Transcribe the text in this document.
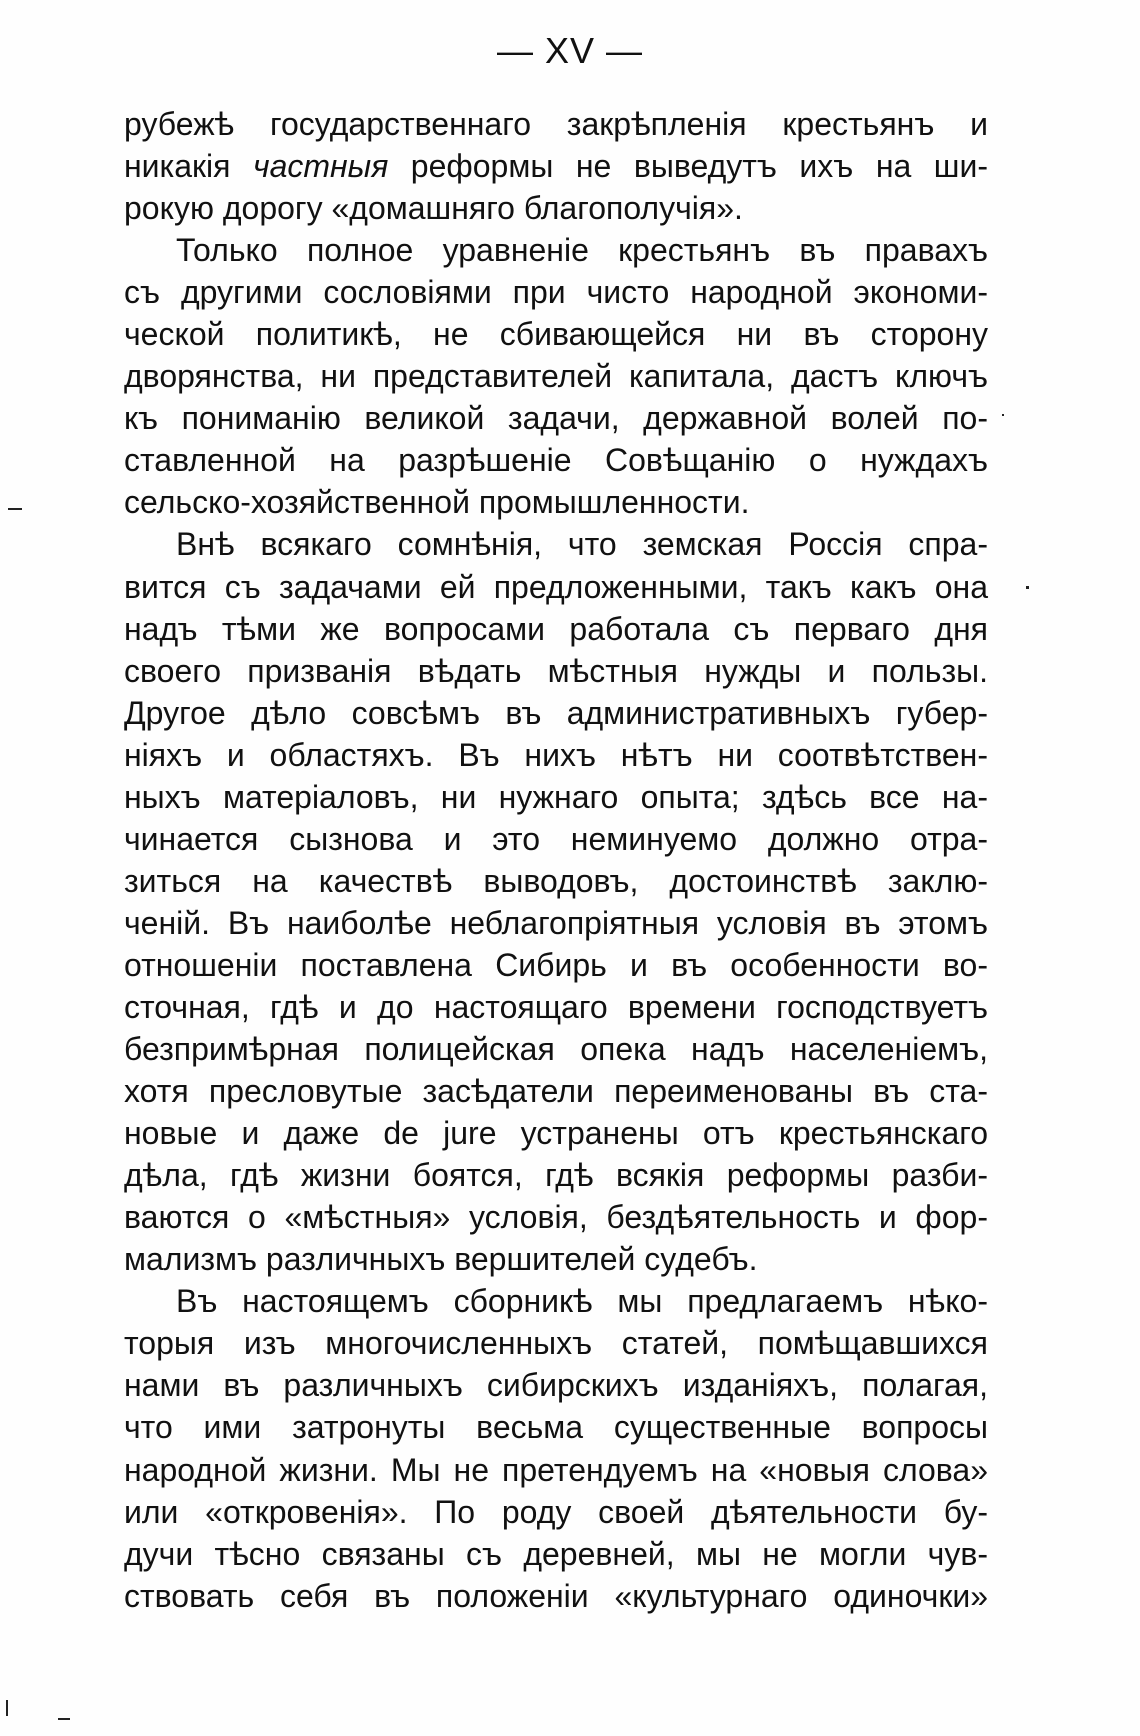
— XV —
рубежѣ государственнаго закрѣпленія крестьянъ и
никакія частныя реформы не выведутъ ихъ на ши-
рокую дорогу «домашняго благополучія».
Только полное уравненіе крестьянъ въ правахъ
съ другими сословіями при чисто народной экономи-
ческой политикѣ, не сбивающейся ни въ сторону
дворянства, ни представителей капитала, дастъ ключъ
къ пониманію великой задачи, державной волей по-
ставленной на разрѣшеніе Совѣщанію о нуждахъ
сельско-хозяйственной промышленности.
Внѣ всякаго сомнѣнія, что земская Россія спра-
вится съ задачами ей предложенными, такъ какъ она
надъ тѣми же вопросами работала съ перваго дня
своего призванія вѣдать мѣстныя нужды и пользы.
Другое дѣло совсѣмъ въ административныхъ губер-
ніяхъ и областяхъ. Въ нихъ нѣтъ ни соотвѣтствен-
ныхъ матеріаловъ, ни нужнаго опыта; здѣсь все на-
чинается сызнова и это неминуемо должно отра-
зиться на качествѣ выводовъ, достоинствѣ заклю-
ченій. Въ наиболѣе неблагопріятныя условія въ этомъ
отношеніи поставлена Сибирь и въ особенности во-
сточная, гдѣ и до настоящаго времени господствуетъ
безпримѣрная полицейская опека надъ населеніемъ,
хотя пресловутые засѣдатели переименованы въ ста-
новые и даже de jure устранены отъ крестьянскаго
дѣла, гдѣ жизни боятся, гдѣ всякія реформы разби-
ваются о «мѣстныя» условія, бездѣятельность и фор-
мализмъ различныхъ вершителей судебъ.
Въ настоящемъ сборникѣ мы предлагаемъ нѣко-
торыя изъ многочисленныхъ статей, помѣщавшихся
нами въ различныхъ сибирскихъ изданіяхъ, полагая,
что ими затронуты весьма существенные вопросы
народной жизни. Мы не претендуемъ на «новыя слова»
или «откровенія». По роду своей дѣятельности бу-
дучи тѣсно связаны съ деревней, мы не могли чув-
ствовать себя въ положеніи «культурнаго одиночки»
